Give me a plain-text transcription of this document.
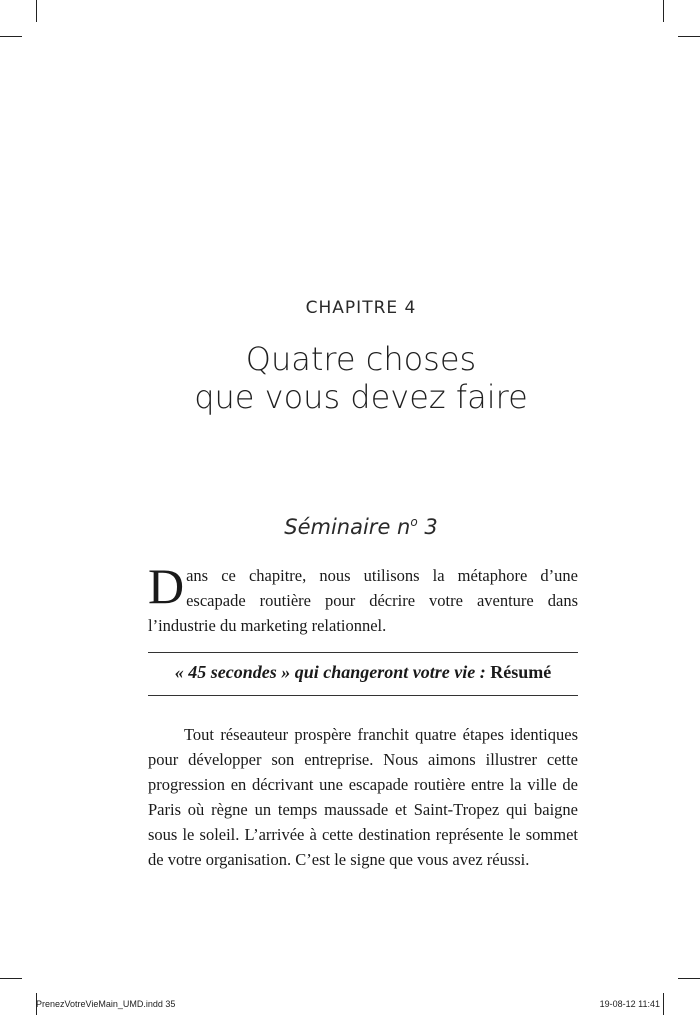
CHAPITRE 4
Quatre choses
que vous devez faire
Séminaire $n^o$ 3
D ans ce chapitre, nous utilisons la métaphore d’une escapade routière pour décrire votre aventure dans l’industrie du marketing relationnel.
« 45 secondes » qui changeront votre vie : Résumé

Tout réseauteur prospère franchit quatre étapes identiques pour développer son entreprise. Nous aimons illustrer cette progression en décrivant une escapade routière entre la ville de Paris où règne un temps maussade et Saint-Tropez qui baigne sous le soleil. L’arrivée à cette destination représente le sommet de votre organisation. C’est le signe que vous avez réussi.

PrenezVotreVieMain_UMD.indd 35	19-08-12 11:41
